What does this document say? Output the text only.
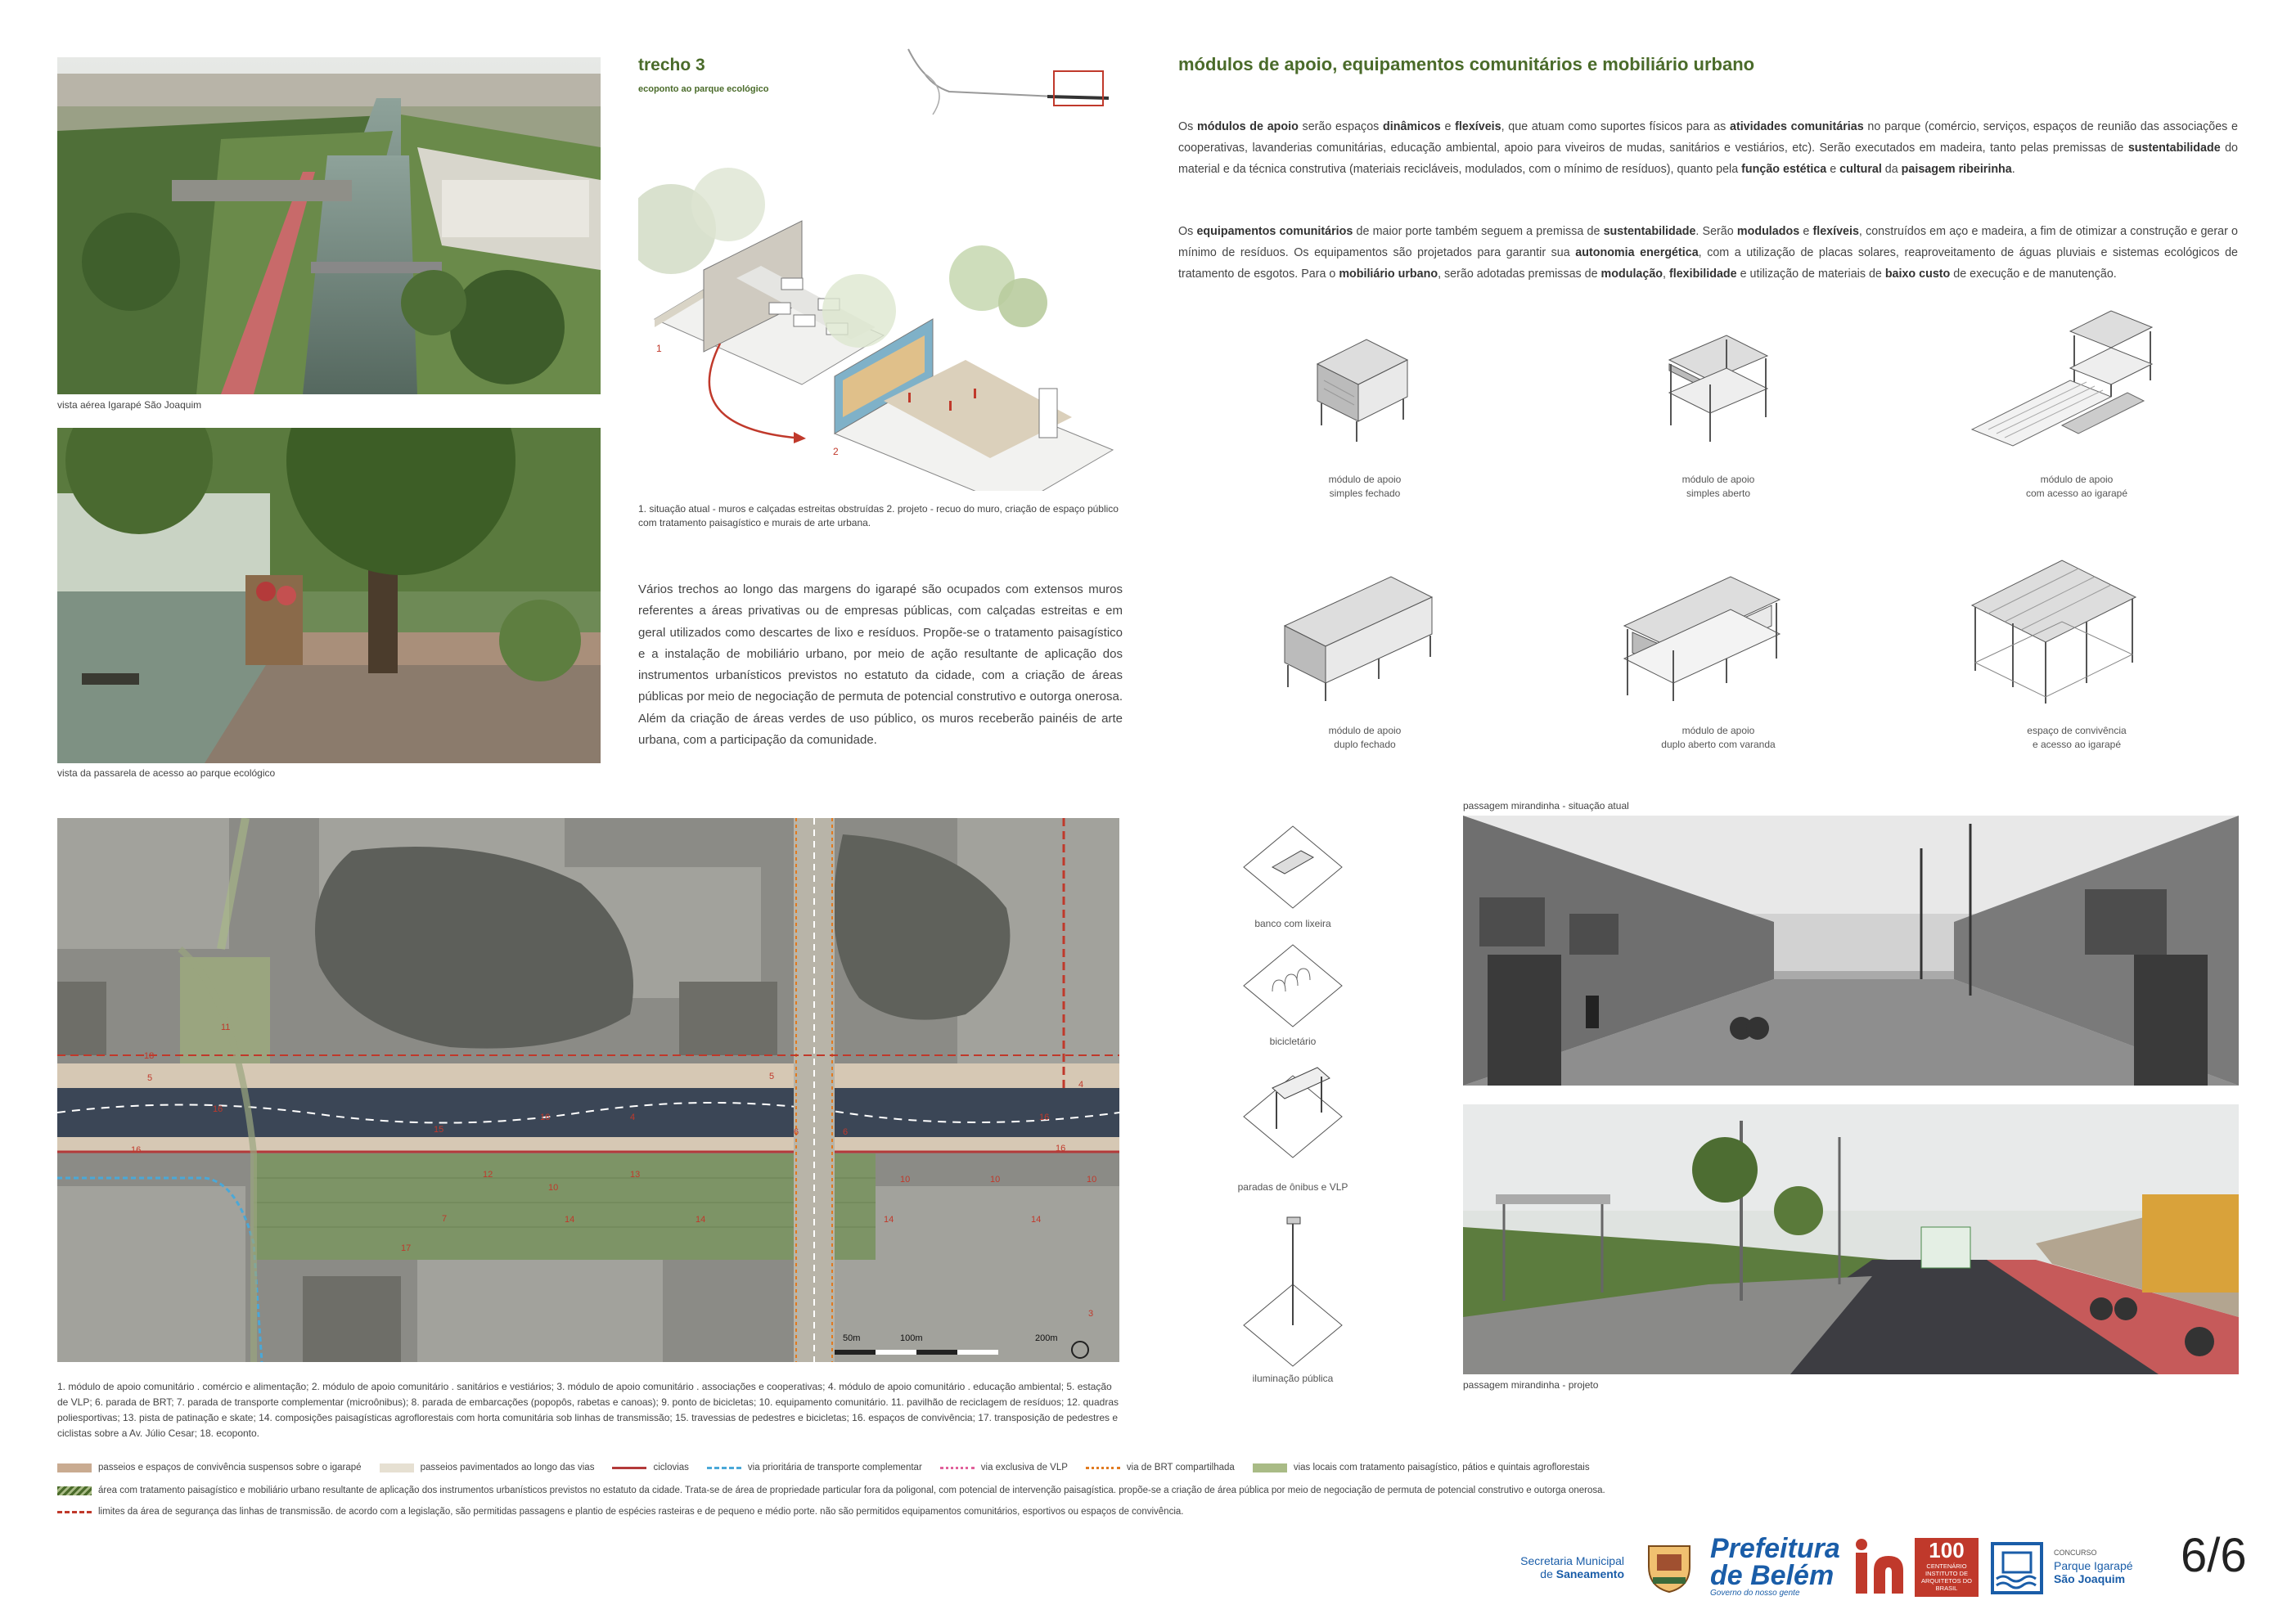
vista aérea Igarapé São Joaquim
vista da passarela de acesso ao parque ecológico
trecho 3
ecoponto ao parque ecológico
1
2
1. situação atual - muros e calçadas estreitas obstruídas 2. projeto - recuo do muro, criação de espaço público com tratamento paisagístico e murais de arte urbana.
Vários trechos ao longo das margens do igarapé são ocupados com extensos muros referentes a áreas privativas ou de empresas públicas, com calçadas estreitas e em geral utilizados como descartes de lixo e resíduos. Propõe-se o tratamento paisagístico e a instalação de mobiliário urbano, por meio de ação resultante de aplicação dos instrumentos urbanísticos previstos no estatuto da cidade, com a criação de áreas públicas por meio de negociação de permuta de potencial construtivo e outorga onerosa. Além da criação de áreas verdes de uso público, os muros receberão painéis de arte urbana, com a participação da comunidade.
módulos de apoio, equipamentos comunitários e mobiliário urbano
Os módulos de apoio serão espaços dinâmicos e flexíveis, que atuam como suportes físicos para as atividades comunitárias no parque (comércio, serviços, espaços de reunião das associações e cooperativas, lavanderias comunitárias, educação ambiental, apoio para viveiros de mudas, sanitários e vestiários, etc). Serão executados em madeira, tanto pelas premissas de sustentabilidade do material e da técnica construtiva (materiais recicláveis, modulados, com o mínimo de resíduos), quanto pela função estética e cultural da paisagem ribeirinha.
Os equipamentos comunitários de maior porte também seguem a premissa de sustentabilidade. Serão modulados e flexíveis, construídos em aço e madeira, a fim de otimizar a construção e gerar o mínimo de resíduos. Os equipamentos são projetados para garantir sua autonomia energética, com a utilização de placas solares, reaproveitamento de águas pluviais e sistemas ecológicos de tratamento de esgotos. Para o mobiliário urbano, serão adotadas premissas de modulação, flexibilidade e utilização de materiais de baixo custo de execução e de manutenção.
módulo de apoio
simples fechado
módulo de apoio
simples aberto
módulo de apoio
com acesso ao igarapé
módulo de apoio
duplo fechado
módulo de apoio
duplo aberto com varanda
espaço de convivência
e acesso ao igarapé
50m	100m	200m
11
18
5
16
5
16
15
4
6	6
16
4
16
16
12	13
10
10	10	10
7
17
14	14	14	14
3
1. módulo de apoio comunitário . comércio e alimentação; 2. módulo de apoio comunitário . sanitários e vestiários; 3. módulo de apoio comunitário . associações e cooperativas; 4. módulo de apoio comunitário . educação ambiental; 5. estação de VLP; 6. parada de BRT; 7. parada de transporte complementar (microônibus); 8. parada de embarcações (popopôs, rabetas e canoas); 9. ponto de bicicletas; 10. equipamento comunitário. 11. pavilhão de reciclagem de resíduos; 12. quadras poliesportivas; 13. pista de patinação e skate; 14. composições paisagísticas agroflorestais com horta comunitária sob linhas de transmissão; 15. travessias de pedestres e bicicletas; 16. espaços de convivência; 17. transposição de pedestres e ciclistas sobre a Av. Júlio Cesar; 18. ecoponto.
passeios e espaços de convivência suspensos sobre o igarapé	passeios pavimentados ao longo das vias	ciclovias	via prioritária de transporte complementar	via exclusiva de VLP	via de BRT compartilhada	vias locais com tratamento paisagístico, pátios e quintais agroflorestais
área com tratamento paisagístico e mobiliário urbano resultante de aplicação dos instrumentos urbanísticos previstos no estatuto da cidade. Trata-se de área de propriedade particular fora da poligonal, com potencial de intervenção paisagística. propõe-se a criação de área pública por meio de negociação de permuta de potencial construtivo e outorga onerosa.
limites da área de segurança das linhas de transmissão. de acordo com a legislação, são permitidas passagens e plantio de espécies rasteiras e de pequeno e médio porte. não são permitidos equipamentos comunitários, esportivos ou espaços de convivência.
banco com lixeira
bicicletário
paradas de ônibus e VLP
iluminação pública
passagem mirandinha - situação atual
passagem mirandinha - projeto
Secretaria Municipal
de Saneamento
Prefeitura
de Belém
Governo do nosso gente
100
CENTENÁRIO INSTITUTO DE ARQUITETOS DO BRASIL
CONCURSO
Parque Igarapé
São Joaquim 6/6
